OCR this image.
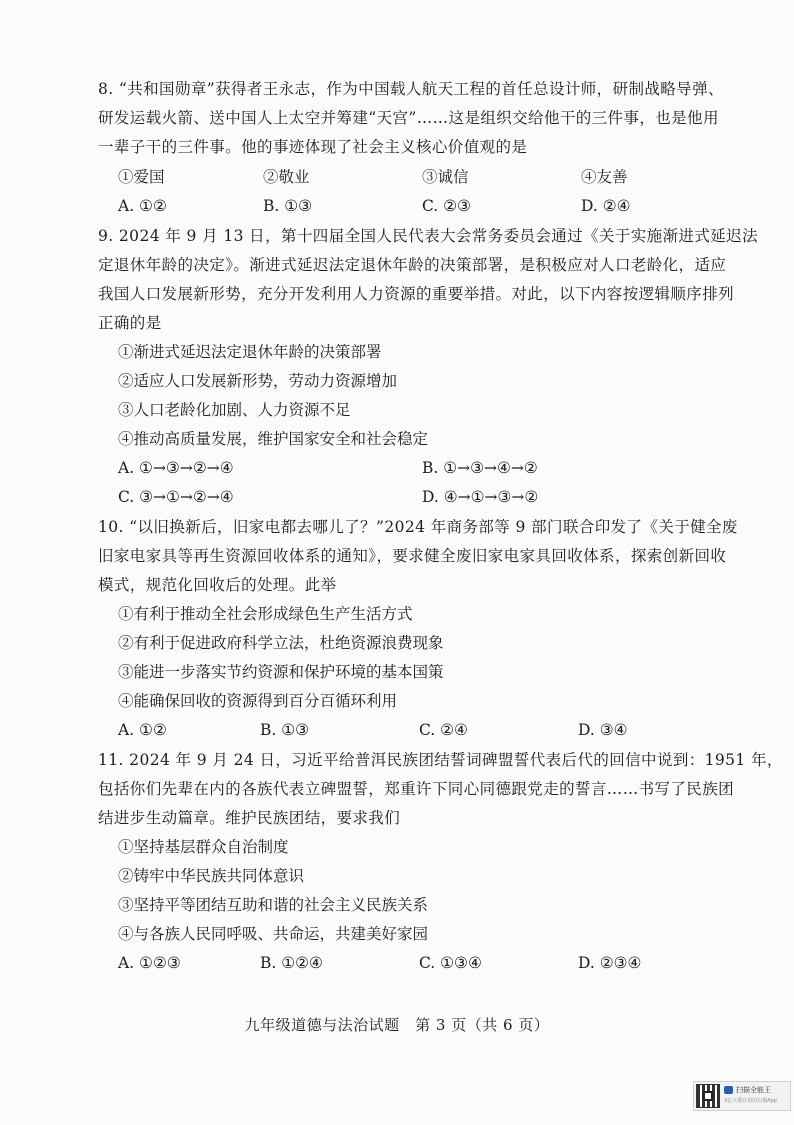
8. “共和国勋章”获得者王永志，作为中国载人航天工程的首任总设计师，研制战略导弹、
研发运载火箭、送中国人上太空并筹建“天宫”……这是组织交给他干的三件事，也是他用
一辈子干的三件事。他的事迹体现了社会主义核心价值观的是
①爱国	②敬业	③诚信	④友善
A. ①②	B. ①③	C. ②③	D. ②④
9. 2024 年 9 月 13 日，第十四届全国人民代表大会常务委员会通过《关于实施渐进式延迟法
定退休年龄的决定》。渐进式延迟法定退休年龄的决策部署，是积极应对人口老龄化，适应
我国人口发展新形势，充分开发利用人力资源的重要举措。对此，以下内容按逻辑顺序排列
正确的是
①渐进式延迟法定退休年龄的决策部署
②适应人口发展新形势，劳动力资源增加
③人口老龄化加剧、人力资源不足
④推动高质量发展，维护国家安全和社会稳定
A. ①→③→②→④	B. ①→③→④→②
C. ③→①→②→④	D. ④→①→③→②
10. “以旧换新后，旧家电都去哪儿了？”2024 年商务部等 9 部门联合印发了《关于健全废
旧家电家具等再生资源回收体系的通知》，要求健全废旧家电家具回收体系，探索创新回收
模式，规范化回收后的处理。此举
①有利于推动全社会形成绿色生产生活方式
②有利于促进政府科学立法，杜绝资源浪费现象
③能进一步落实节约资源和保护环境的基本国策
④能确保回收的资源得到百分百循环利用
A. ①②	B. ①③	C. ②④	D. ③④
11. 2024 年 9 月 24 日，习近平给普洱民族团结誓词碑盟誓代表后代的回信中说到：1951 年，
包括你们先辈在内的各族代表立碑盟誓，郑重许下同心同德跟党走的誓言……书写了民族团
结进步生动篇章。维护民族团结，要求我们
①坚持基层群众自治制度
②铸牢中华民族共同体意识
③坚持平等团结互助和谐的社会主义民族关系
④与各族人民同呼吸、共命运，共建美好家园
A. ①②③	B. ①②④	C. ①③④	D. ②③④
九年级道德与法治试题　第 3 页（共 6 页）
扫描全能王
3亿人都在用的扫描App
